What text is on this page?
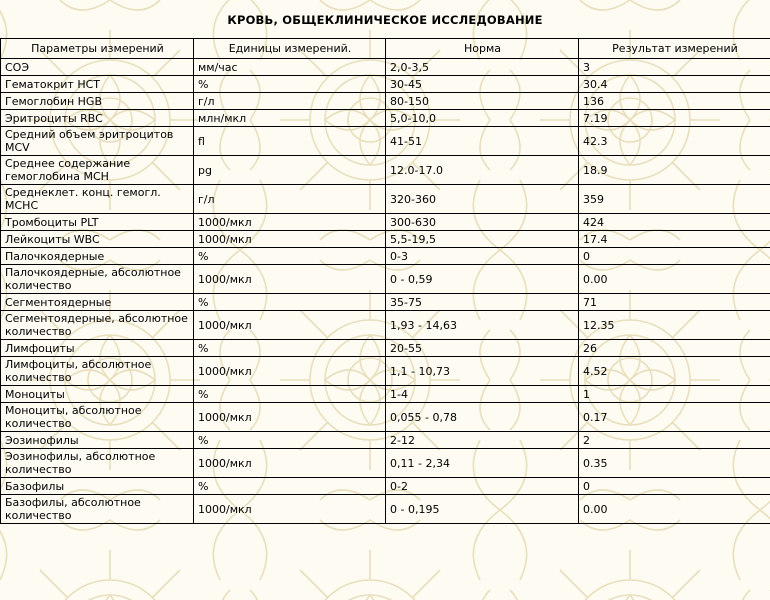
КРОВЬ, ОБЩЕКЛИНИЧЕСКОЕ ИССЛЕДОВАНИЕ
Параметры измерений	Единицы измерений.	Норма	Результат измерений
СОЭ	мм/час	2,0-3,5	3
Гематокрит HCT	%	30-45	30.4
Гемоглобин HGB	г/л	80-150	136
Эритроциты RBC	млн/мкл	5,0-10,0	7.19
Средний объем эритроцитов MCV	fl	41-51	42.3
Среднее содержание гемоглобина MCH	pg	12.0-17.0	18.9
Среднеклет. конц. гемогл. MCHC	г/л	320-360	359
Тромбоциты PLT	1000/мкл	300-630	424
Лейкоциты WBC	1000/мкл	5,5-19,5	17.4
Палочкоядерные	%	0-3	0
Палочкоядерные, абсолютное количество	1000/мкл	0 - 0,59	0.00
Сегментоядерные	%	35-75	71
Сегментоядерные, абсолютное количество	1000/мкл	1,93 - 14,63	12.35
Лимфоциты	%	20-55	26
Лимфоциты, абсолютное количество	1000/мкл	1,1 - 10,73	4.52
Моноциты	%	1-4	1
Моноциты, абсолютное количество	1000/мкл	0,055 - 0,78	0.17
Эозинофилы	%	2-12	2
Эозинофилы, абсолютное количество	1000/мкл	0,11 - 2,34	0.35
Базофилы	%	0-2	0
Базофилы, абсолютное количество	1000/мкл	0 - 0,195	0.00
